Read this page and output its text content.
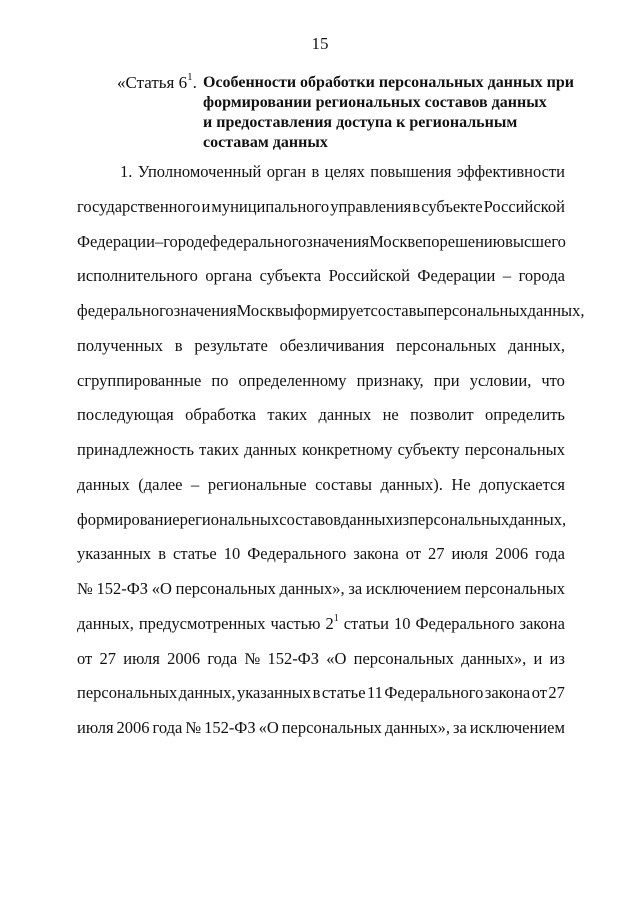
15
«Статья $6^1$. Особенности обработки персональных данных при
формировании региональных составов данных
и предоставления доступа к региональным
составам данных
1. Уполномоченный орган в целях повышения эффективности
государственного и муниципального управления в субъекте Российской
Федерации – городе федерального значения Москве по решению высшего
исполнительного органа субъекта Российской Федерации – города
федерального значения Москвы формирует составы персональных данных,
полученных в результате обезличивания персональных данных,
сгруппированные по определенному признаку, при условии, что
последующая обработка таких данных не позволит определить
принадлежность таких данных конкретному субъекту персональных
данных (далее – региональные составы данных). Не допускается
формирование региональных составов данных из персональных данных,
указанных в статье 10 Федерального закона от 27 июля 2006 года
№ 152-ФЗ «О персональных данных», за исключением персональных
данных, предусмотренных частью $2^1$ статьи 10 Федерального закона
от 27 июля 2006 года № 152-ФЗ «О персональных данных», и из
персональных данных, указанных в статье 11 Федерального закона от 27
июля 2006 года № 152-ФЗ «О персональных данных», за исключением
